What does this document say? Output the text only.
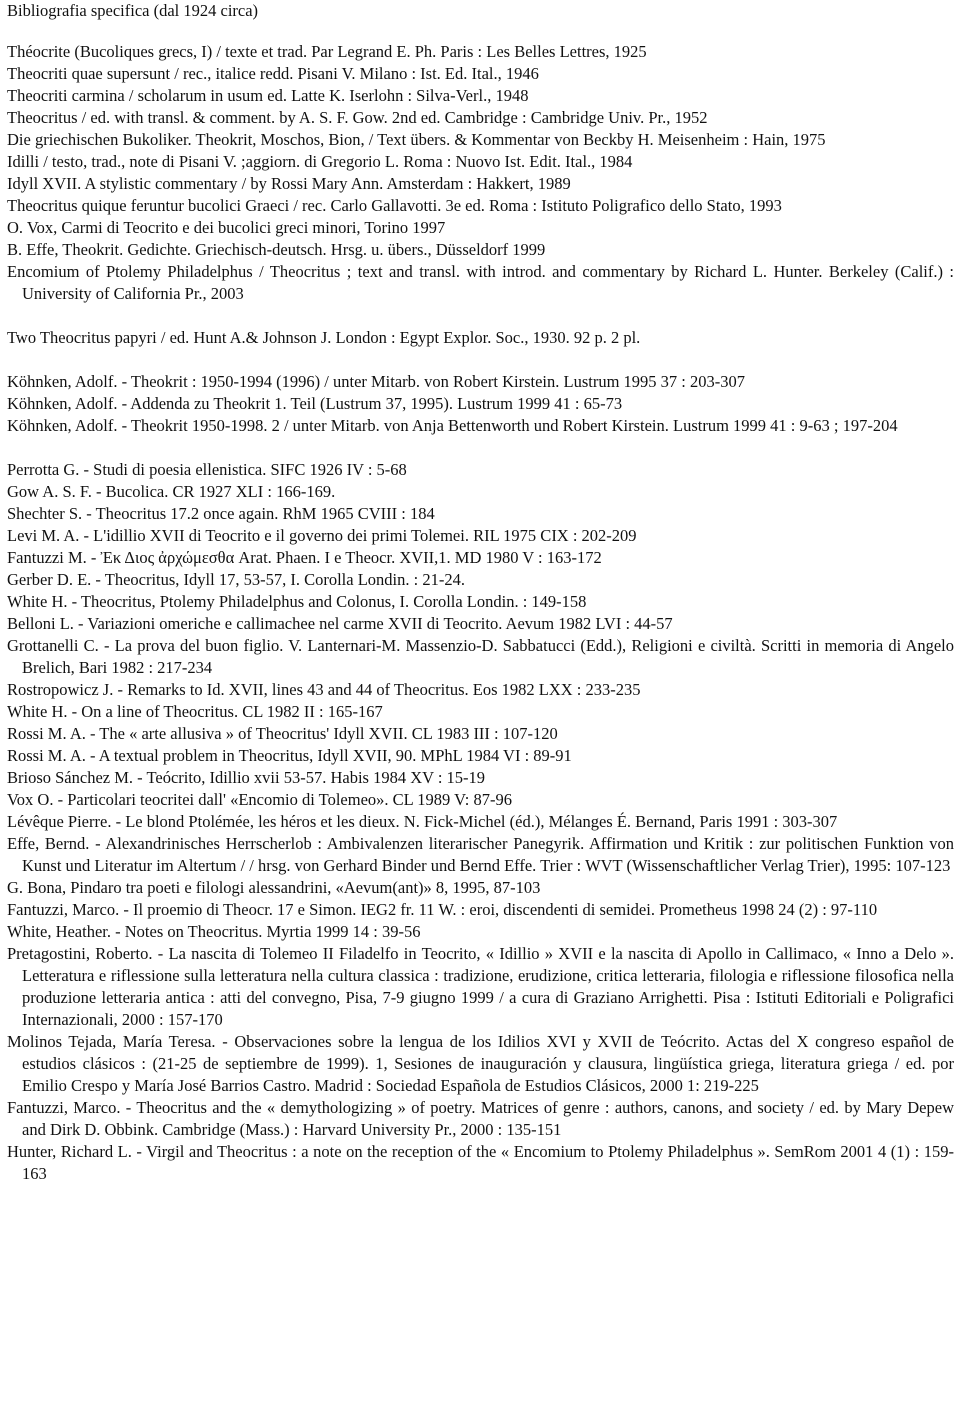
Bibliografia specifica (dal 1924 circa)
Théocrite (Bucoliques grecs, I) / texte et trad. Par Legrand E. Ph. Paris : Les Belles Lettres, 1925
Theocriti quae supersunt / rec., italice redd. Pisani V. Milano : Ist. Ed. Ital., 1946
Theocriti carmina / scholarum in usum ed. Latte K. Iserlohn : Silva-Verl., 1948
Theocritus / ed. with transl. & comment. by A. S. F. Gow. 2nd ed. Cambridge : Cambridge Univ. Pr., 1952
Die griechischen Bukoliker. Theokrit, Moschos, Bion, / Text übers. & Kommentar von Beckby H. Meisenheim : Hain, 1975
Idilli / testo, trad., note di Pisani V. ;aggiorn. di Gregorio L. Roma : Nuovo Ist. Edit. Ital., 1984
Idyll XVII. A stylistic commentary / by Rossi Mary Ann. Amsterdam : Hakkert, 1989
Theocritus quique feruntur bucolici Graeci / rec. Carlo Gallavotti. 3e ed. Roma : Istituto Poligrafico dello Stato, 1993
O. Vox, Carmi di Teocrito e dei bucolici greci minori, Torino 1997
B. Effe, Theokrit. Gedichte. Griechisch-deutsch. Hrsg. u. übers., Düsseldorf 1999
Encomium of Ptolemy Philadelphus / Theocritus ; text and transl. with introd. and commentary by Richard L. Hunter. Berkeley (Calif.) : University of California Pr., 2003
Two Theocritus papyri / ed. Hunt A.& Johnson J. London : Egypt Explor. Soc., 1930. 92 p. 2 pl.
Köhnken, Adolf. - Theokrit : 1950-1994 (1996) / unter Mitarb. von Robert Kirstein. Lustrum 1995 37 : 203-307
Köhnken, Adolf. - Addenda zu Theokrit 1. Teil (Lustrum 37, 1995). Lustrum 1999 41 : 65-73
Köhnken, Adolf. - Theokrit 1950-1998. 2 / unter Mitarb. von Anja Bettenworth und Robert Kirstein. Lustrum 1999 41 : 9-63 ; 197-204
Perrotta G. - Studi di poesia ellenistica. SIFC 1926 IV : 5-68
Gow A. S. F. - Bucolica. CR 1927 XLI : 166-169.
Shechter S. - Theocritus 17.2 once again. RhM 1965 CVIII : 184
Levi M. A. - L'idillio XVII di Teocrito e il governo dei primi Tolemei. RIL 1975 CIX : 202-209
Fantuzzi M. - Ἐκ Διος ἀρχώμεσθα Arat. Phaen. I e Theocr. XVII,1. MD 1980 V : 163-172
Gerber D. E. - Theocritus, Idyll 17, 53-57, I. Corolla Londin. : 21-24.
White H. - Theocritus, Ptolemy Philadelphus and Colonus, I. Corolla Londin. : 149-158
Belloni L. - Variazioni omeriche e callimachee nel carme XVII di Teocrito. Aevum 1982 LVI : 44-57
Grottanelli C. - La prova del buon figlio. V. Lanternari-M. Massenzio-D. Sabbatucci (Edd.), Religioni e civiltà. Scritti in memoria di Angelo Brelich, Bari 1982 : 217-234
Rostropowicz J. - Remarks to Id. XVII, lines 43 and 44 of Theocritus. Eos 1982 LXX : 233-235
White H. - On a line of Theocritus. CL 1982 II : 165-167
Rossi M. A. - The « arte allusiva » of Theocritus' Idyll XVII. CL 1983 III : 107-120
Rossi M. A. - A textual problem in Theocritus, Idyll XVII, 90. MPhL 1984 VI : 89-91
Brioso Sánchez M. - Teócrito, Idillio xvii 53-57. Habis 1984 XV : 15-19
Vox O. - Particolari teocritei dall' «Encomio di Tolemeo». CL 1989 V: 87-96
Lévêque Pierre. - Le blond Ptolémée, les héros et les dieux. N. Fick-Michel (éd.), Mélanges É. Bernand, Paris 1991 : 303-307
Effe, Bernd. - Alexandrinisches Herrscherlob : Ambivalenzen literarischer Panegyrik. Affirmation und Kritik : zur politischen Funktion von Kunst und Literatur im Altertum / / hrsg. von Gerhard Binder und Bernd Effe. Trier : WVT (Wissenschaftlicher Verlag Trier), 1995: 107-123
G. Bona, Pindaro tra poeti e filologi alessandrini, «Aevum(ant)» 8, 1995, 87-103
Fantuzzi, Marco. - Il proemio di Theocr. 17 e Simon. IEG2 fr. 11 W. : eroi, discendenti di semidei. Prometheus 1998 24 (2) : 97-110
White, Heather. - Notes on Theocritus. Myrtia 1999 14 : 39-56
Pretagostini, Roberto. - La nascita di Tolemeo II Filadelfo in Teocrito, « Idillio » XVII e la nascita di Apollo in Callimaco, « Inno a Delo ». Letteratura e riflessione sulla letteratura nella cultura classica : tradizione, erudizione, critica letteraria, filologia e riflessione filosofica nella produzione letteraria antica : atti del convegno, Pisa, 7-9 giugno 1999 / a cura di Graziano Arrighetti. Pisa : Istituti Editoriali e Poligrafici Internazionali, 2000 : 157-170
Molinos Tejada, María Teresa. - Observaciones sobre la lengua de los Idilios XVI y XVII de Teócrito. Actas del X congreso español de estudios clásicos : (21-25 de septiembre de 1999). 1, Sesiones de inauguración y clausura, lingüística griega, literatura griega / ed. por Emilio Crespo y María José Barrios Castro. Madrid : Sociedad Española de Estudios Clásicos, 2000 1: 219-225
Fantuzzi, Marco. - Theocritus and the « demythologizing » of poetry. Matrices of genre : authors, canons, and society / ed. by Mary Depew and Dirk D. Obbink. Cambridge (Mass.) : Harvard University Pr., 2000 : 135-151
Hunter, Richard L. - Virgil and Theocritus : a note on the reception of the « Encomium to Ptolemy Philadelphus ». SemRom 2001 4 (1) : 159-163
